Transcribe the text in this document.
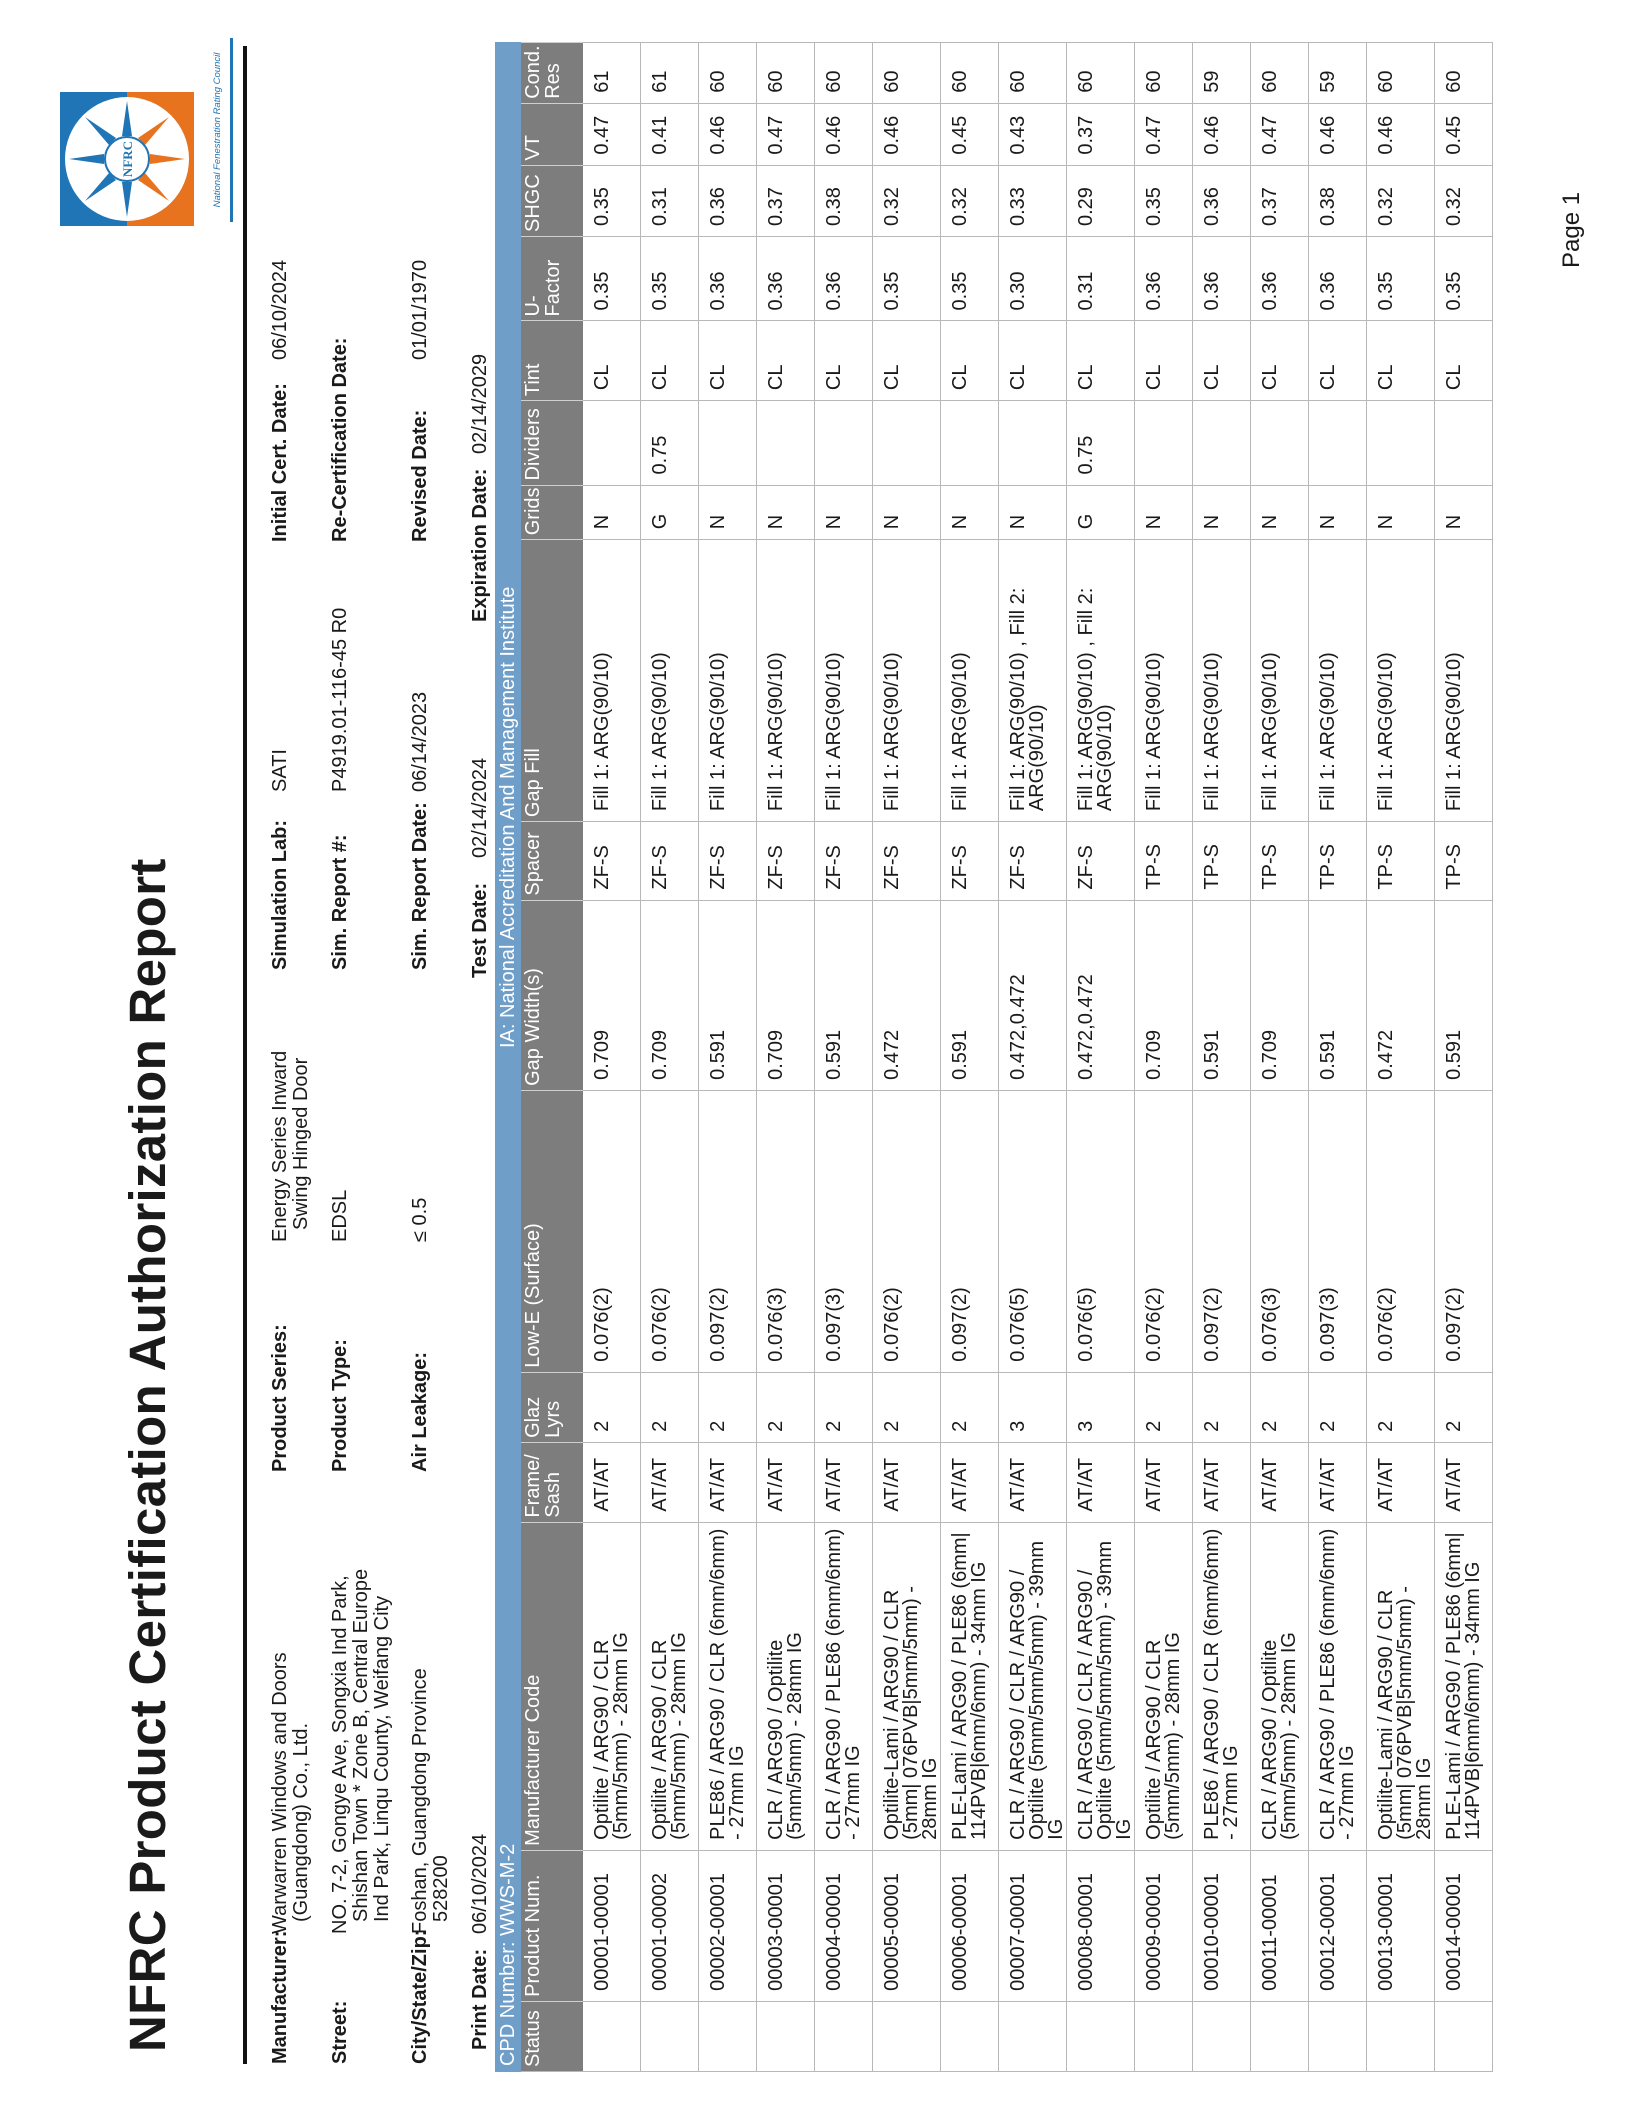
NFRC Product Certification Authorization Report
NFRC	National Fenestration Rating Council
Manufacturer:
Warwarren Windows and Doors (Guangdong) Co., Ltd.
Street:
NO. 7-2, Gongye Ave, Songxia Ind Park, Shishan Town * Zone B, Central Europe Ind Park, Linqu County, Weifang City
City/State/Zip:
Foshan, Guangdong Province 528200
Product Series:
Energy Series Inward Swing Hinged Door
Product Type:
EDSL
Air Leakage:
≤ 0.5
Simulation Lab:
SATI
Sim. Report #:
P4919.01-116-45 R0
Sim. Report Date:
06/14/2023
Initial Cert. Date:
06/10/2024
Re-Certification Date:	Revised Date:
01/01/1970
Print Date:
06/10/2024
Test Date:
02/14/2024
Expiration Date:
02/14/2029
CPD Number: WWS-M-2
IA: National Accreditation And Management Institute
Status	Product Num.	Manufacturer Code	Frame/ Sash	Glaz Lyrs	Low-E (Surface)	Gap Width(s)	Spacer	Gap Fill	Grids	Dividers	Tint	U-Factor	SHGC	VT	Cond. Res
	00001-00001	Optilite / ARG90 / CLR (5mm/5mm) - 28mm IG	AT/AT	2	0.076(2)	0.709	ZF-S	Fill 1: ARG(90/10)	N		CL	0.35	0.35	0.47	61
	00001-00002	Optilite / ARG90 / CLR (5mm/5mm) - 28mm IG	AT/AT	2	0.076(2)	0.709	ZF-S	Fill 1: ARG(90/10)	G	0.75	CL	0.35	0.31	0.41	61
	00002-00001	PLE86 / ARG90 / CLR (6mm/6mm) - 27mm IG	AT/AT	2	0.097(2)	0.591	ZF-S	Fill 1: ARG(90/10)	N		CL	0.36	0.36	0.46	60
	00003-00001	CLR / ARG90 / Optilite (5mm/5mm) - 28mm IG	AT/AT	2	0.076(3)	0.709	ZF-S	Fill 1: ARG(90/10)	N		CL	0.36	0.37	0.47	60
	00004-00001	CLR / ARG90 / PLE86 (6mm/6mm) - 27mm IG	AT/AT	2	0.097(3)	0.591	ZF-S	Fill 1: ARG(90/10)	N		CL	0.36	0.38	0.46	60
	00005-00001	Optilite-Lami / ARG90 / CLR (5mm| 076PVB|5mm/5mm) - 28mm IG	AT/AT	2	0.076(2)	0.472	ZF-S	Fill 1: ARG(90/10)	N		CL	0.35	0.32	0.46	60
	00006-00001	PLE-Lami / ARG90 / PLE86 (6mm| 114PVB|6mm/6mm) - 34mm IG	AT/AT	2	0.097(2)	0.591	ZF-S	Fill 1: ARG(90/10)	N		CL	0.35	0.32	0.45	60
	00007-00001	CLR / ARG90 / CLR / ARG90 / Optilite (5mm/5mm/5mm) - 39mm IG	AT/AT	3	0.076(5)	0.472,0.472	ZF-S	Fill 1: ARG(90/10) , Fill 2: ARG(90/10)	N		CL	0.30	0.33	0.43	60
	00008-00001	CLR / ARG90 / CLR / ARG90 / Optilite (5mm/5mm/5mm) - 39mm IG	AT/AT	3	0.076(5)	0.472,0.472	ZF-S	Fill 1: ARG(90/10) , Fill 2: ARG(90/10)	G	0.75	CL	0.31	0.29	0.37	60
	00009-00001	Optilite / ARG90 / CLR (5mm/5mm) - 28mm IG	AT/AT	2	0.076(2)	0.709	TP-S	Fill 1: ARG(90/10)	N		CL	0.36	0.35	0.47	60
	00010-00001	PLE86 / ARG90 / CLR (6mm/6mm) - 27mm IG	AT/AT	2	0.097(2)	0.591	TP-S	Fill 1: ARG(90/10)	N		CL	0.36	0.36	0.46	59
	00011-00001	CLR / ARG90 / Optilite (5mm/5mm) - 28mm IG	AT/AT	2	0.076(3)	0.709	TP-S	Fill 1: ARG(90/10)	N		CL	0.36	0.37	0.47	60
	00012-00001	CLR / ARG90 / PLE86 (6mm/6mm) - 27mm IG	AT/AT	2	0.097(3)	0.591	TP-S	Fill 1: ARG(90/10)	N		CL	0.36	0.38	0.46	59
	00013-00001	Optilite-Lami / ARG90 / CLR (5mm| 076PVB|5mm/5mm) - 28mm IG	AT/AT	2	0.076(2)	0.472	TP-S	Fill 1: ARG(90/10)	N		CL	0.35	0.32	0.46	60
	00014-00001	PLE-Lami / ARG90 / PLE86 (6mm| 114PVB|6mm/6mm) - 34mm IG	AT/AT	2	0.097(2)	0.591	TP-S	Fill 1: ARG(90/10)	N		CL	0.35	0.32	0.45	60
Page 1
